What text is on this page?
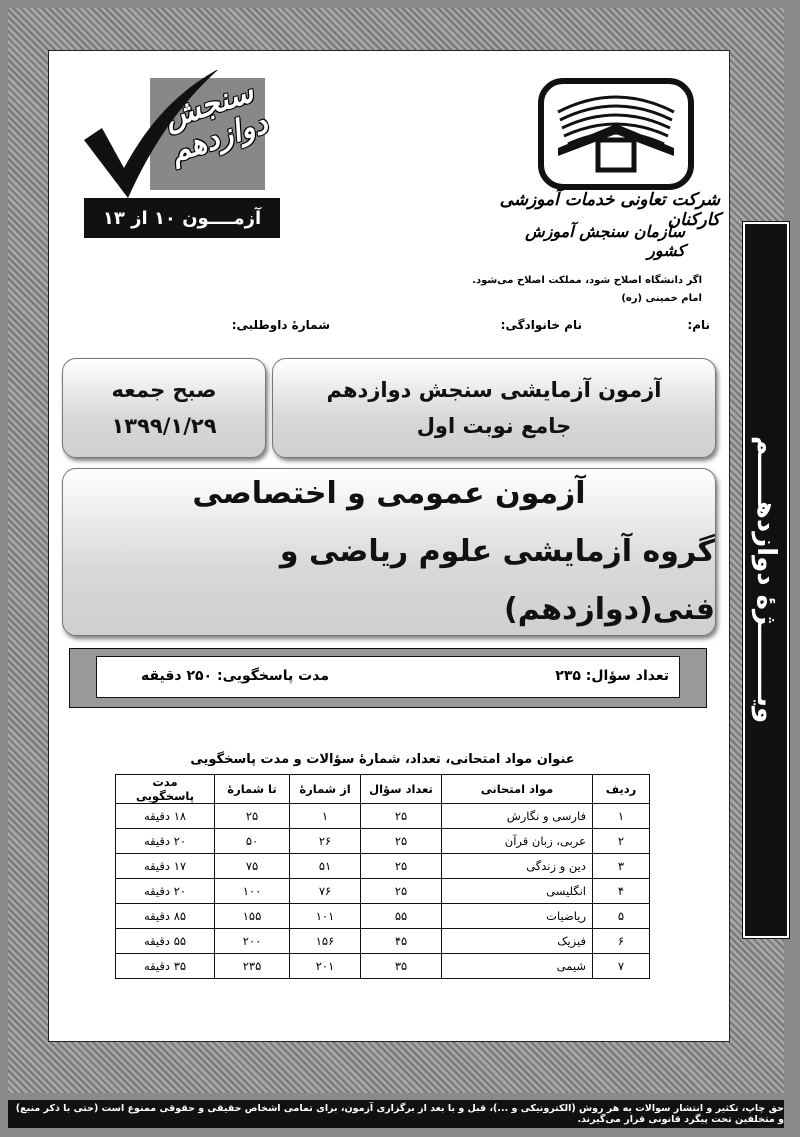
سنجش دوازدهم
آزمــــون ۱۰ از ۱۳
شرکت تعاونی خدمات آموزشی کارکنان
سازمان سنجش آموزش کشور
اگر دانشگاه اصلاح شود، مملکت اصلاح می‌شود.
امام خمینی (ره)
نام:
نام خانوادگی:
شمارهٔ داوطلبی:
آزمون آزمایشی سنجش دوازدهم
جامع نوبت اول
صبح جمعه
۱۳۹۹/۱/۲۹
آزمون عمومی و اختصاصی
گروه آزمایشی علوم ریاضی و فنی(دوازدهم)
تعداد سؤال: ۲۳۵
مدت پاسخگویی: ۲۵۰ دقیقه
عنوان مواد امتحانی، تعداد، شمارهٔ سؤالات و مدت پاسخگویی
ردیف	مواد امتحانی	تعداد سؤال	از شمارهٔ	تا شمارهٔ	مدت پاسخگویی
۱	فارسی و نگارش	۲۵	۱	۲۵	۱۸ دقیقه
۲	عربی، زبان قرآن	۲۵	۲۶	۵۰	۲۰ دقیقه
۳	دین و زندگی	۲۵	۵۱	۷۵	۱۷ دقیقه
۴	انگلیسی	۲۵	۷۶	۱۰۰	۲۰ دقیقه
۵	ریاضیات	۵۵	۱۰۱	۱۵۵	۸۵ دقیقه
۶	فیزیک	۴۵	۱۵۶	۲۰۰	۵۵ دقیقه
۷	شیمی	۳۵	۲۰۱	۲۳۵	۳۵ دقیقه
ویــــــــژهٔ دوازدهـــــم
حق چاپ، تکثیر و انتشار سوالات به هر روش (الکترونیکی و ...)، قبل و با بعد از برگزاری آزمون، برای تمامی اشخاص حقیقی و حقوقی ممنوع است (حتی با ذکر منبع) و متخلفین تحت پیگرد قانونی قرار می‌گیرند.
